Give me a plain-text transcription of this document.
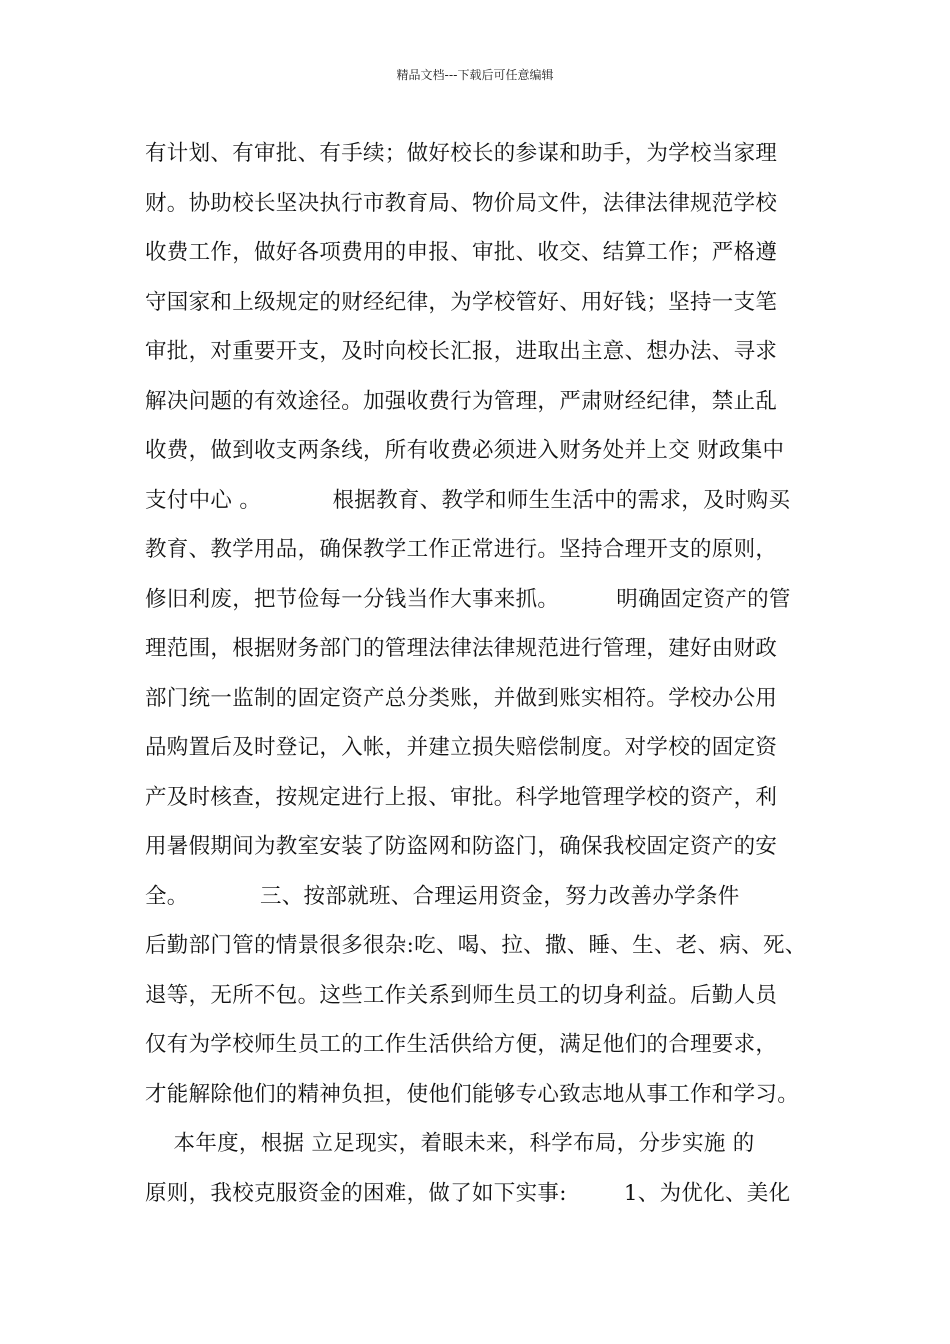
精品文档---下载后可任意编辑
有计划、有审批、有手续；做好校长的参谋和助手，为学校当家理
财。协助校长坚决执行市教育局、物价局文件，法律法律规范学校
收费工作，做好各项费用的申报、审批、收交、结算工作；严格遵
守国家和上级规定的财经纪律，为学校管好、用好钱；坚持一支笔
审批，对重要开支，及时向校长汇报，进取出主意、想办法、寻求
解决问题的有效途径。加强收费行为管理，严肃财经纪律，禁止乱
收费，做到收支两条线，所有收费必须进入财务处并上交 财政集中
支付中心 。          根据教育、教学和师生生活中的需求，及时购买
教育、教学用品，确保教学工作正常进行。坚持合理开支的原则，
修旧利废，把节俭每一分钱当作大事来抓。        明确固定资产的管
理范围，根据财务部门的管理法律法律规范进行管理，建好由财政
部门统一监制的固定资产总分类账，并做到账实相符。学校办公用
品购置后及时登记，入帐，并建立损失赔偿制度。对学校的固定资
产及时核查，按规定进行上报、审批。科学地管理学校的资产，利
用暑假期间为教室安装了防盗网和防盗门，确保我校固定资产的安
全。          三、按部就班、合理运用资金，努力改善办学条件
后勤部门管的情景很多很杂:吃、喝、拉、撒、睡、生、老、病、死、
退等，无所不包。这些工作关系到师生员工的切身利益。后勤人员
仅有为学校师生员工的工作生活供给方便，满足他们的合理要求，
才能解除他们的精神负担，使他们能够专心致志地从事工作和学习。
本年度，根据 立足现实，着眼未来，科学布局，分步实施 的
原则，我校克服资金的困难，做了如下实事:        1、为优化、美化
